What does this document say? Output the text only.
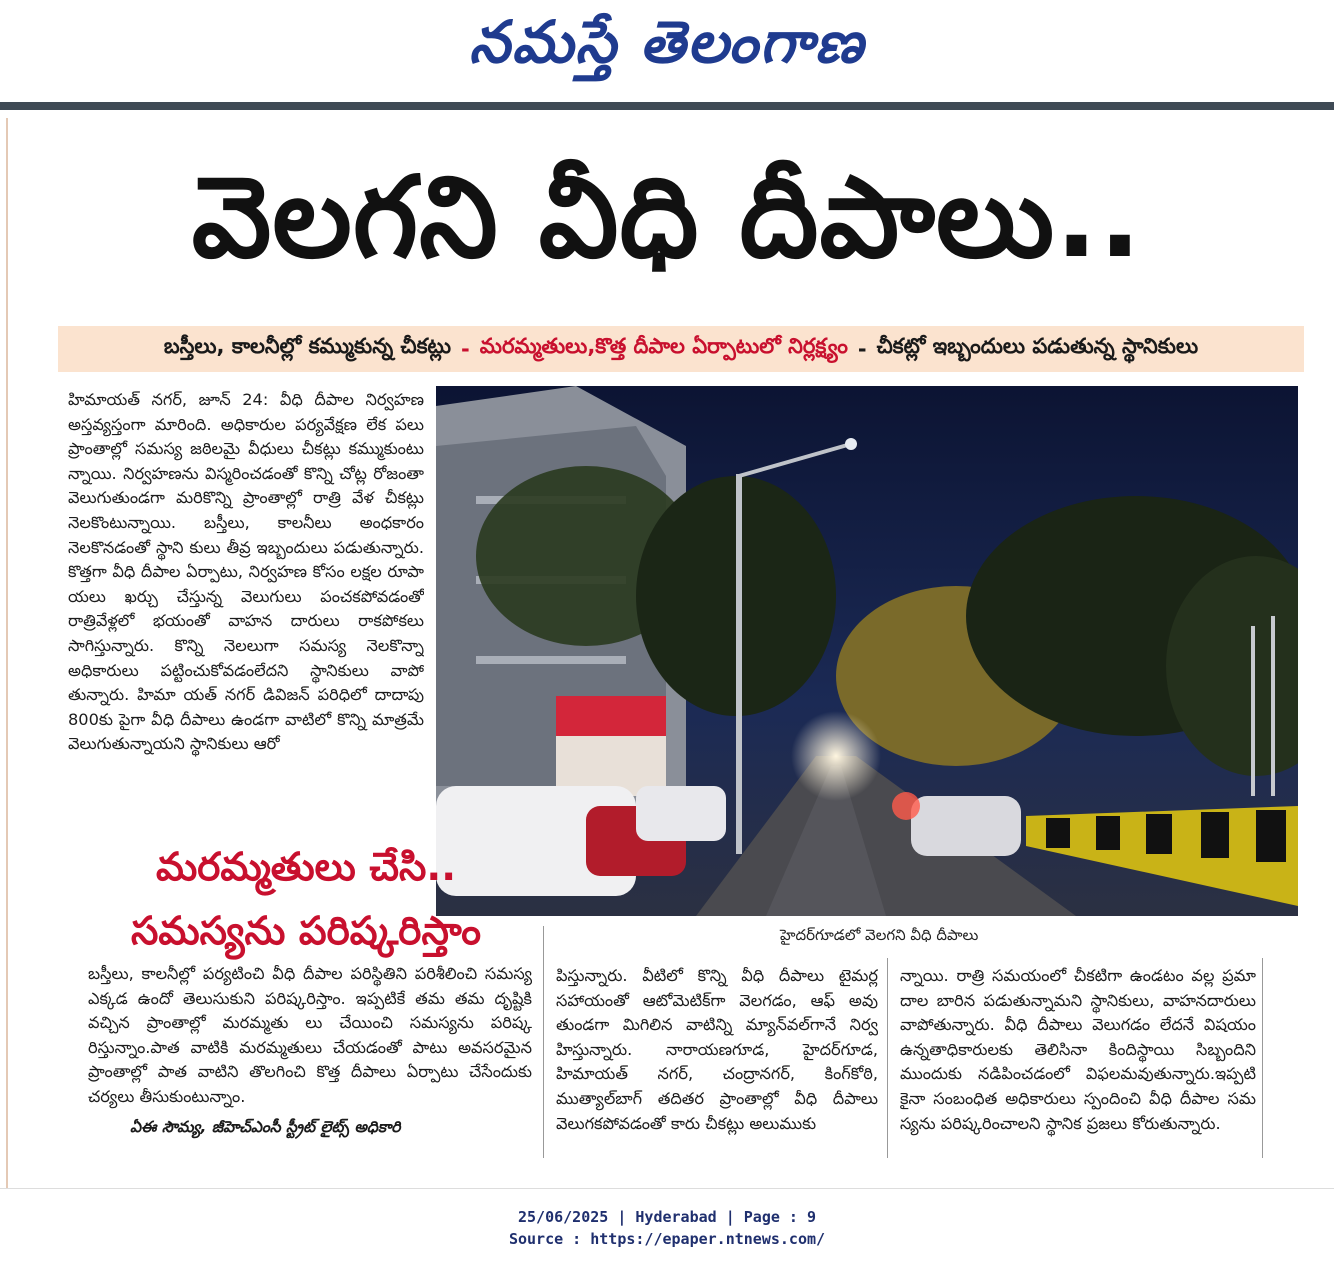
నమస్తే తెలంగాణ
వెలగని వీధి దీపాలు..
బస్తీలు, కాలనీల్లో కమ్ముకున్న చీకట్లు - మరమ్మతులు,కొత్త దీపాల ఏర్పాటులో నిర్లక్ష్యం - చీకట్లో ఇబ్బందులు పడుతున్న స్థానికులు
హిమాయత్ నగర్, జూన్ 24: వీధి దీపాల నిర్వహణ అస్తవ్యస్తంగా మారింది. అధికారుల పర్యవేక్షణ లేక పలు ప్రాంతాల్లో సమస్య జఠిలమై వీధులు చీకట్లు కమ్ముకుంటు న్నాయి. నిర్వహణను విస్మరించడంతో కొన్ని చోట్ల రోజంతా వెలుగుతుండగా మరికొన్ని ప్రాంతాల్లో రాత్రి వేళ చీకట్లు నెలకొంటున్నాయి. బస్తీలు, కాలనీలు అంధకారం నెలకొనడంతో స్థాని కులు తీవ్ర ఇబ్బందులు పడుతున్నారు. కొత్తగా వీధి దీపాల ఏర్పాటు, నిర్వహణ కోసం లక్షల రూపా యలు ఖర్చు చేస్తున్న వెలుగులు పంచకపోవడంతో రాత్రివేళ్లలో భయంతో వాహన దారులు రాకపోకలు సాగిస్తున్నారు. కొన్ని నెలలుగా సమస్య నెలకొన్నా అధికారులు పట్టించుకోవడంలేదని స్థానికులు వాపో తున్నారు. హిమా యత్ నగర్ డివిజన్ పరిధిలో దాదాపు 800కు పైగా వీధి దీపాలు ఉండగా వాటిలో కొన్ని మాత్రమే వెలుగుతున్నాయని స్థానికులు ఆరో
హైదర్‌గూడలో వెలగని వీధి దీపాలు
మరమ్మతులు చేసి..
సమస్యను పరిష్కరిస్తాం
బస్తీలు, కాలనీల్లో పర్యటించి వీధి దీపాల పరిస్థితిని పరిశీలించి సమస్య ఎక్కడ ఉందో తెలుసుకుని పరిష్కరిస్తాం. ఇప్పటికే తమ తమ దృష్టికి వచ్చిన ప్రాంతాల్లో మరమ్మతు లు చేయించి సమస్యను పరిష్క రిస్తున్నాం.పాత వాటికి మరమ్మతులు చేయడంతో పాటు అవసరమైన ప్రాంతాల్లో పాత వాటిని తొలగించి కొత్త దీపాలు ఏర్పాటు చేసేందుకు చర్యలు తీసుకుంటున్నాం.
ఏఈ సౌమ్య, జీహెచ్ఎంసీ స్ట్రీట్ లైట్స్ అధికారి
పిస్తున్నారు. వీటిలో కొన్ని వీధి దీపాలు టైమర్ల సహాయంతో ఆటోమెటిక్‌గా వెలగడం, ఆఫ్ అవు తుండగా మిగిలిన వాటిన్ని మ్యాన్‌వల్‌గానే నిర్వ హిస్తున్నారు. నారాయణగూడ, హైదర్‌గూడ, హిమాయత్ నగర్, చంద్రానగర్, కింగ్‌కోఠి, ముత్యాల్‌బాగ్ తదితర ప్రాంతాల్లో వీధి దీపాలు వెలుగకపోవడంతో కారు చీకట్లు అలుముకు
న్నాయి. రాత్రి సమయంలో చీకటిగా ఉండటం వల్ల ప్రమా దాల బారిన పడుతున్నామని స్థానికులు, వాహనదారులు వాపోతున్నారు. వీధి దీపాలు వెలుగడం లేదనే విషయం ఉన్నతాధికారులకు తెలిసినా కిందిస్థాయి సిబ్బందిని ముందుకు నడిపించడంలో విఫలమవుతున్నారు.ఇప్పటి కైనా సంబంధిత అధికారులు స్పందించి వీధి దీపాల సమ స్యను పరిష్కరించాలని స్థానిక ప్రజలు కోరుతున్నారు.
25/06/2025 | Hyderabad | Page : 9
Source : https://epaper.ntnews.com/
